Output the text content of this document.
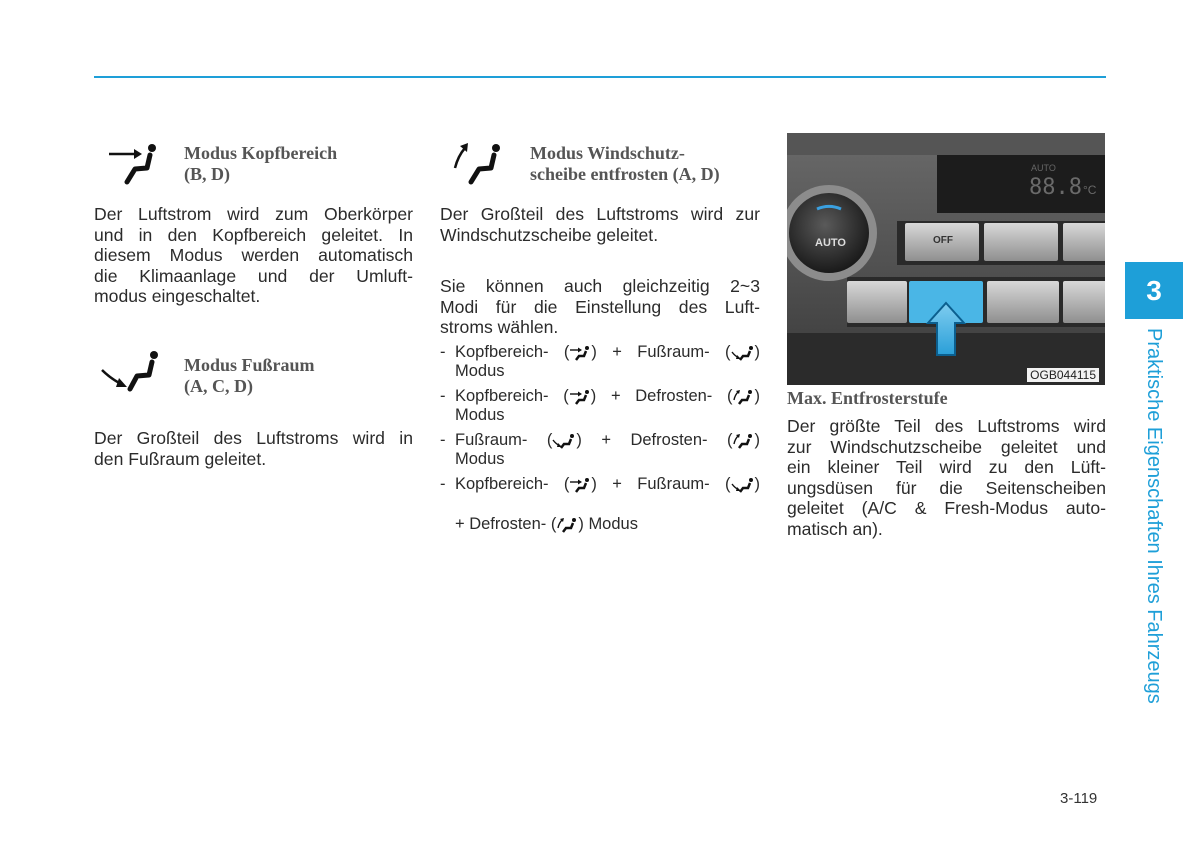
Modus Kopfbereich
(B, D)
Der Luftstrom wird zum Oberkörper
und in den Kopfbereich geleitet. In
diesem Modus werden automatisch
die Klimaanlage und der Umluft-
modus eingeschaltet.
Modus Fußraum
(A, C, D)
Der Großteil des Luftstroms wird in
den Fußraum geleitet.
Modus Windschutz-
scheibe entfrosten (A, D)
Der Großteil des Luftstroms wird zur
Windschutzscheibe geleitet.
Sie können auch gleichzeitig 2~3
Modi für die Einstellung des Luft-
stroms wählen.
- Kopfbereich- ( ) + Fußraum- ( )
Modus
- Kopfbereich- ( ) + Defrosten- ( )
Modus
- Fußraum- ( ) + Defrosten- ( )
Modus
- Kopfbereich- ( ) + Fußraum- ( )
+ Defrosten- ( ) Modus
AUTO	OFF
AUTO
88.8 °C
OGB044115
Max. Entfrosterstufe
Der größte Teil des Luftstroms wird
zur Windschutzscheibe geleitet und
ein kleiner Teil wird zu den Lüft-
ungsdüsen für die Seitenscheiben
geleitet (A/C & Fresh-Modus auto-
matisch an).
3
Praktische Eigenschaften Ihres Fahrzeugs
3-119
